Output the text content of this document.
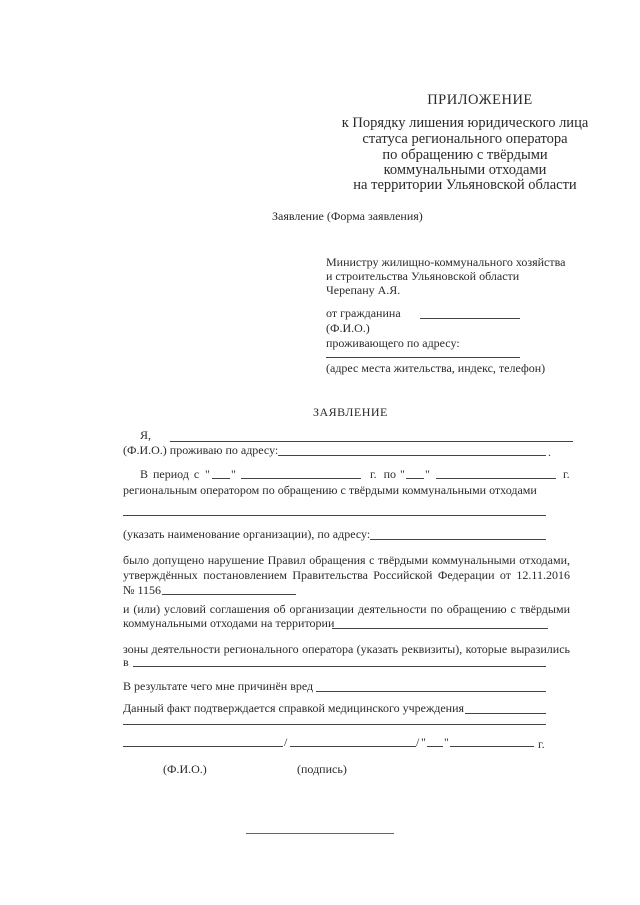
ПРИЛОЖЕНИЕ
к Порядку лишения юридического лица
статуса регионального оператора
по обращению с твёрдыми
коммунальными отходами
на территории Ульяновской области
Заявление (Форма заявления)
Министру жилищно-коммунального хозяйства
и строительства Ульяновской области
Черепану А.Я.
от гражданина
(Ф.И.О.)
проживающего по адресу:
(адрес места жительства, индекс, телефон)
ЗАЯВЛЕНИЕ
Я,
(Ф.И.О.) проживаю по адресу:	.
В период с " "	г. по " "	г.
региональным оператором по обращению с твёрдыми коммунальными отходами
(указать наименование организации), по адресу:
было допущено нарушение Правил обращения с твёрдыми коммунальными отходами,
утверждённых постановлением Правительства Российской Федерации от 12.11.2016
№ 1156
и (или) условий соглашения об организации деятельности по обращению с твёрдыми
коммунальными отходами на территории
зоны деятельности регионального оператора (указать реквизиты), которые выразились
в
В результате чего мне причинён вред
Данный факт подтверждается справкой медицинского учреждения
/	/ " "	г.
(Ф.И.О.)	(подпись)
